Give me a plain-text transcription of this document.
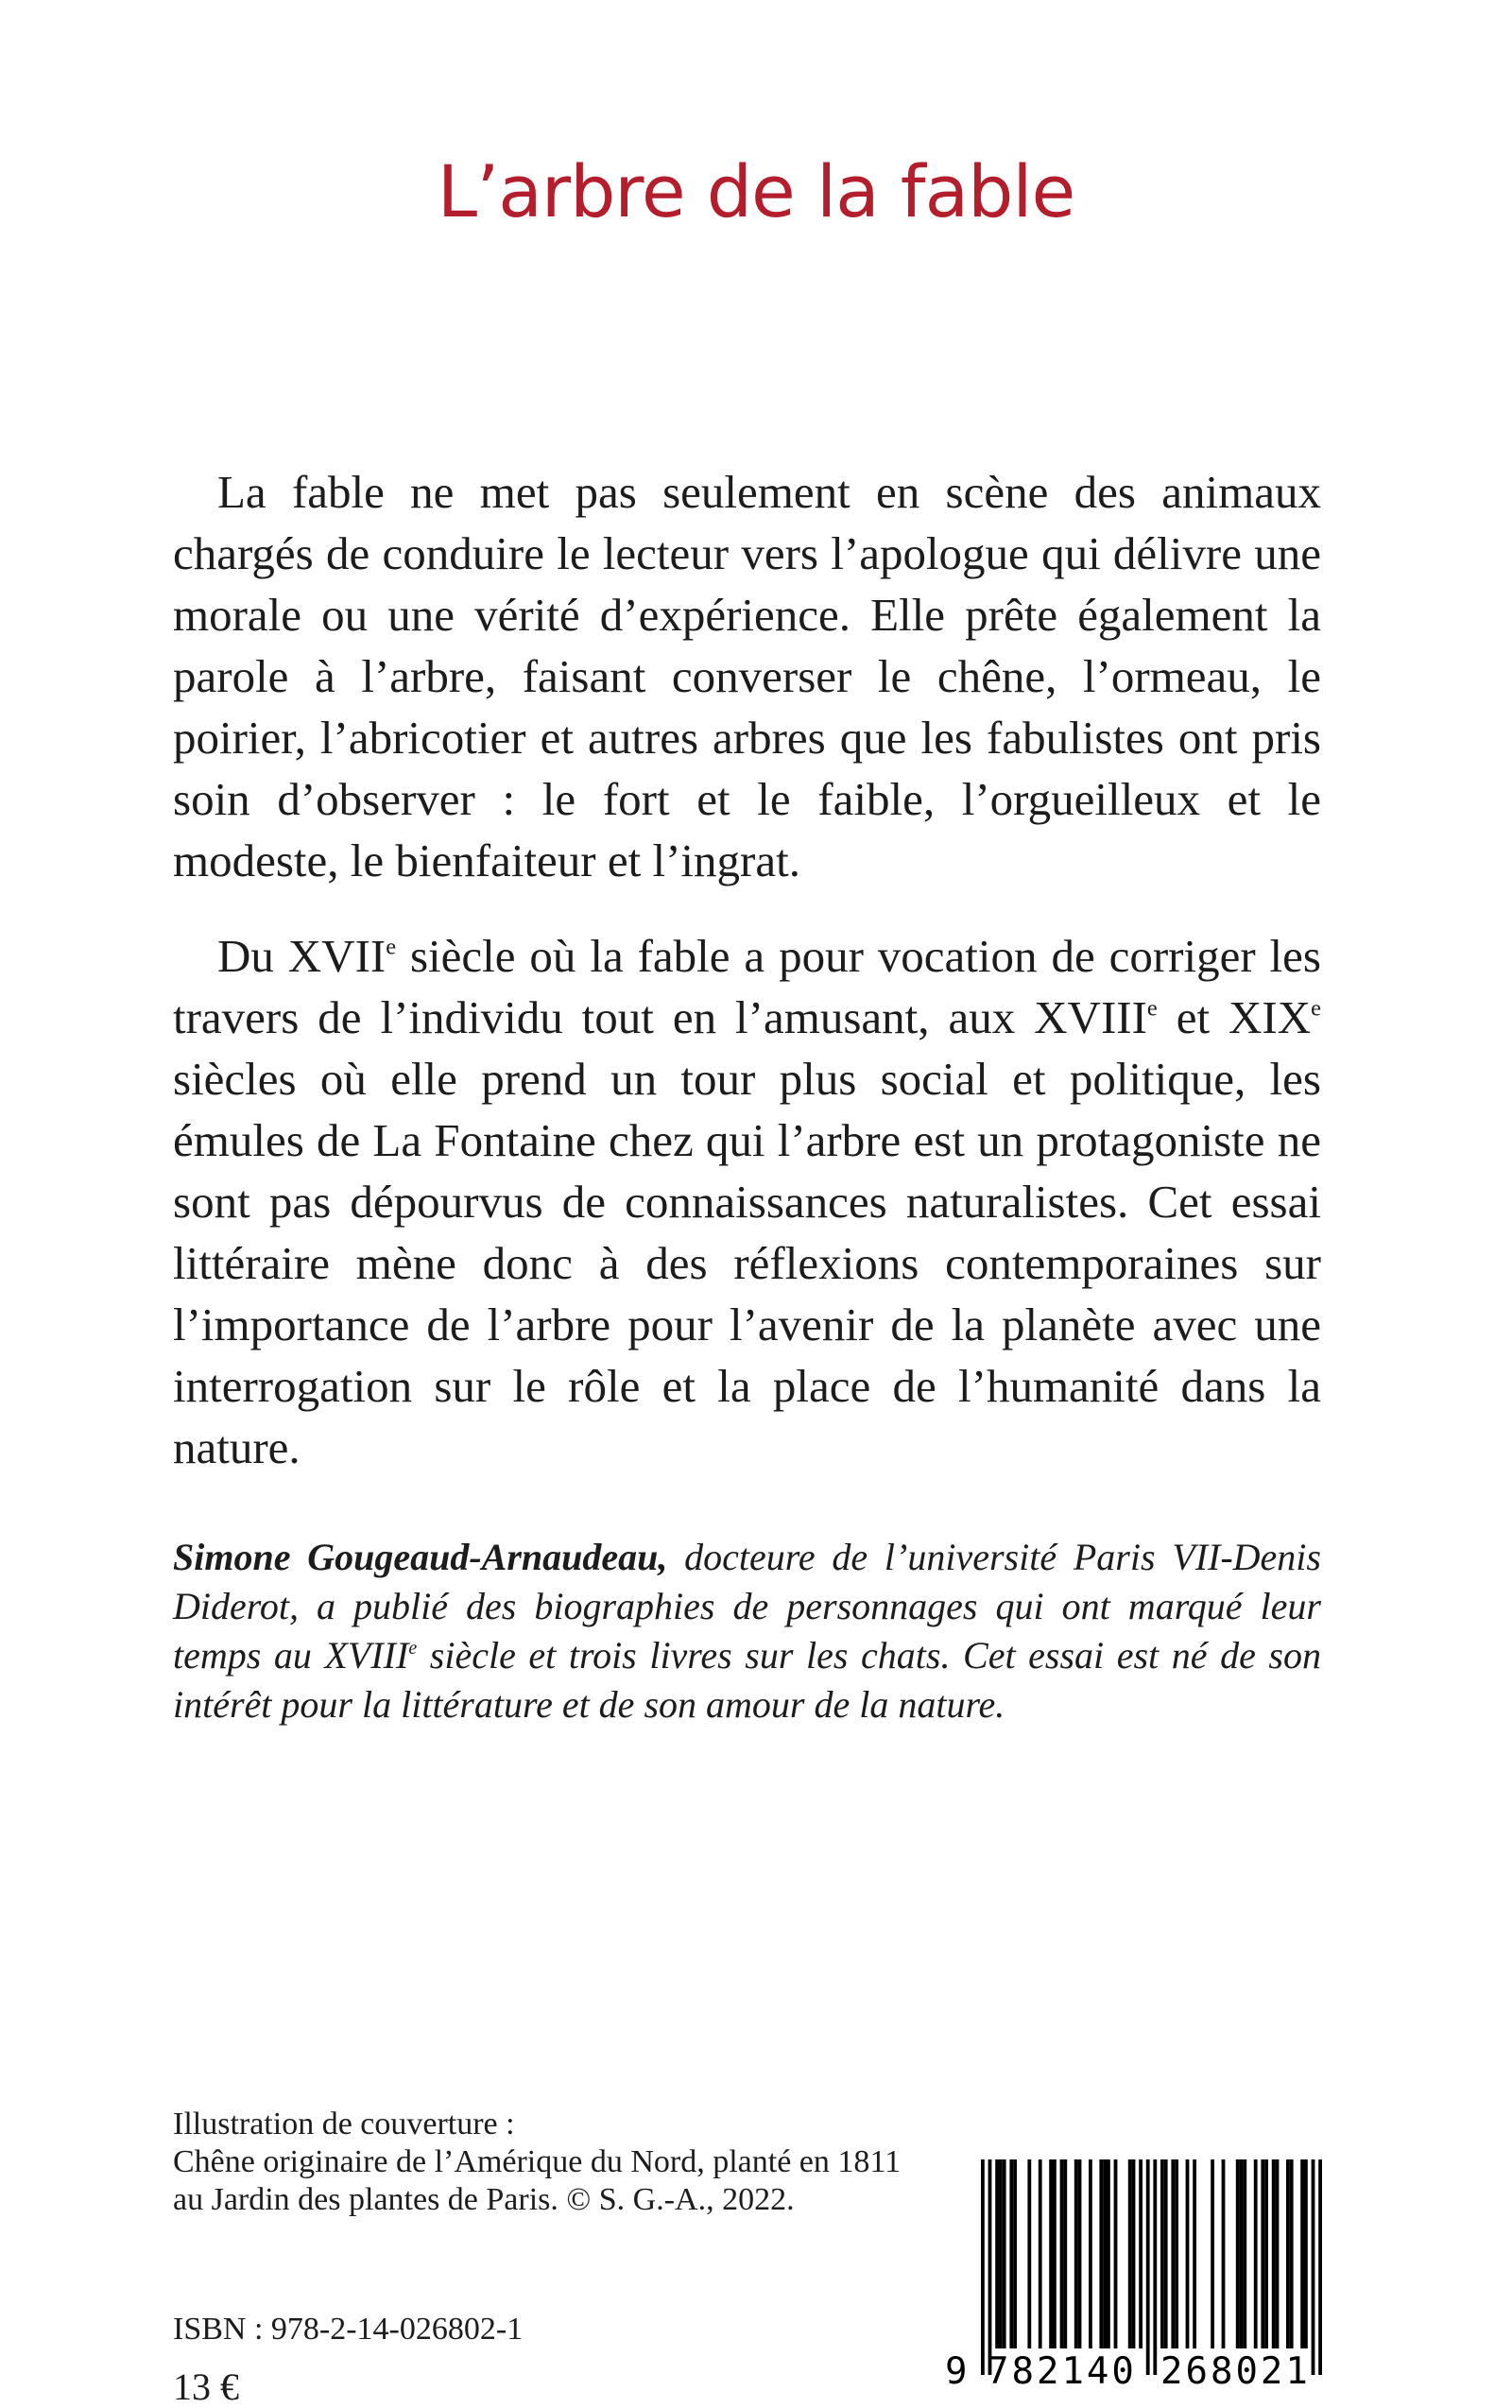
L’arbre de la fable

La fable ne met pas seulement en scène des animaux chargés de conduire le lecteur vers l’apologue qui délivre une morale ou une vérité d’expérience. Elle prête également la parole à l’arbre, faisant converser le chêne, l’ormeau, le poirier, l’abricotier et autres arbres que les fabulistes ont pris soin d’observer : le fort et le faible, l’orgueilleux et le modeste, le bienfaiteur et l’ingrat.

Du XVIIe siècle où la fable a pour vocation de corriger les travers de l’individu tout en l’amusant, aux XVIIIe et XIXe siècles où elle prend un tour plus social et politique, les émules de La Fontaine chez qui l’arbre est un protagoniste ne sont pas dépourvus de connaissances naturalistes. Cet essai littéraire mène donc à des réflexions contemporaines sur l’importance de l’arbre pour l’avenir de la planète avec une interrogation sur le rôle et la place de l’humanité dans la nature.

Simone Gougeaud-Arnaudeau, docteure de l’université Paris VII-Denis Diderot, a publié des biographies de personnages qui ont marqué leur temps au XVIIIe siècle et trois livres sur les chats. Cet essai est né de son intérêt pour la littérature et de son amour de la nature.

Illustration de couverture :
Chêne originaire de l’Amérique du Nord, planté en 1811
au Jardin des plantes de Paris. © S. G.-A., 2022.
ISBN : 978-2-14-026802-1
13 €	9 782140 268021
